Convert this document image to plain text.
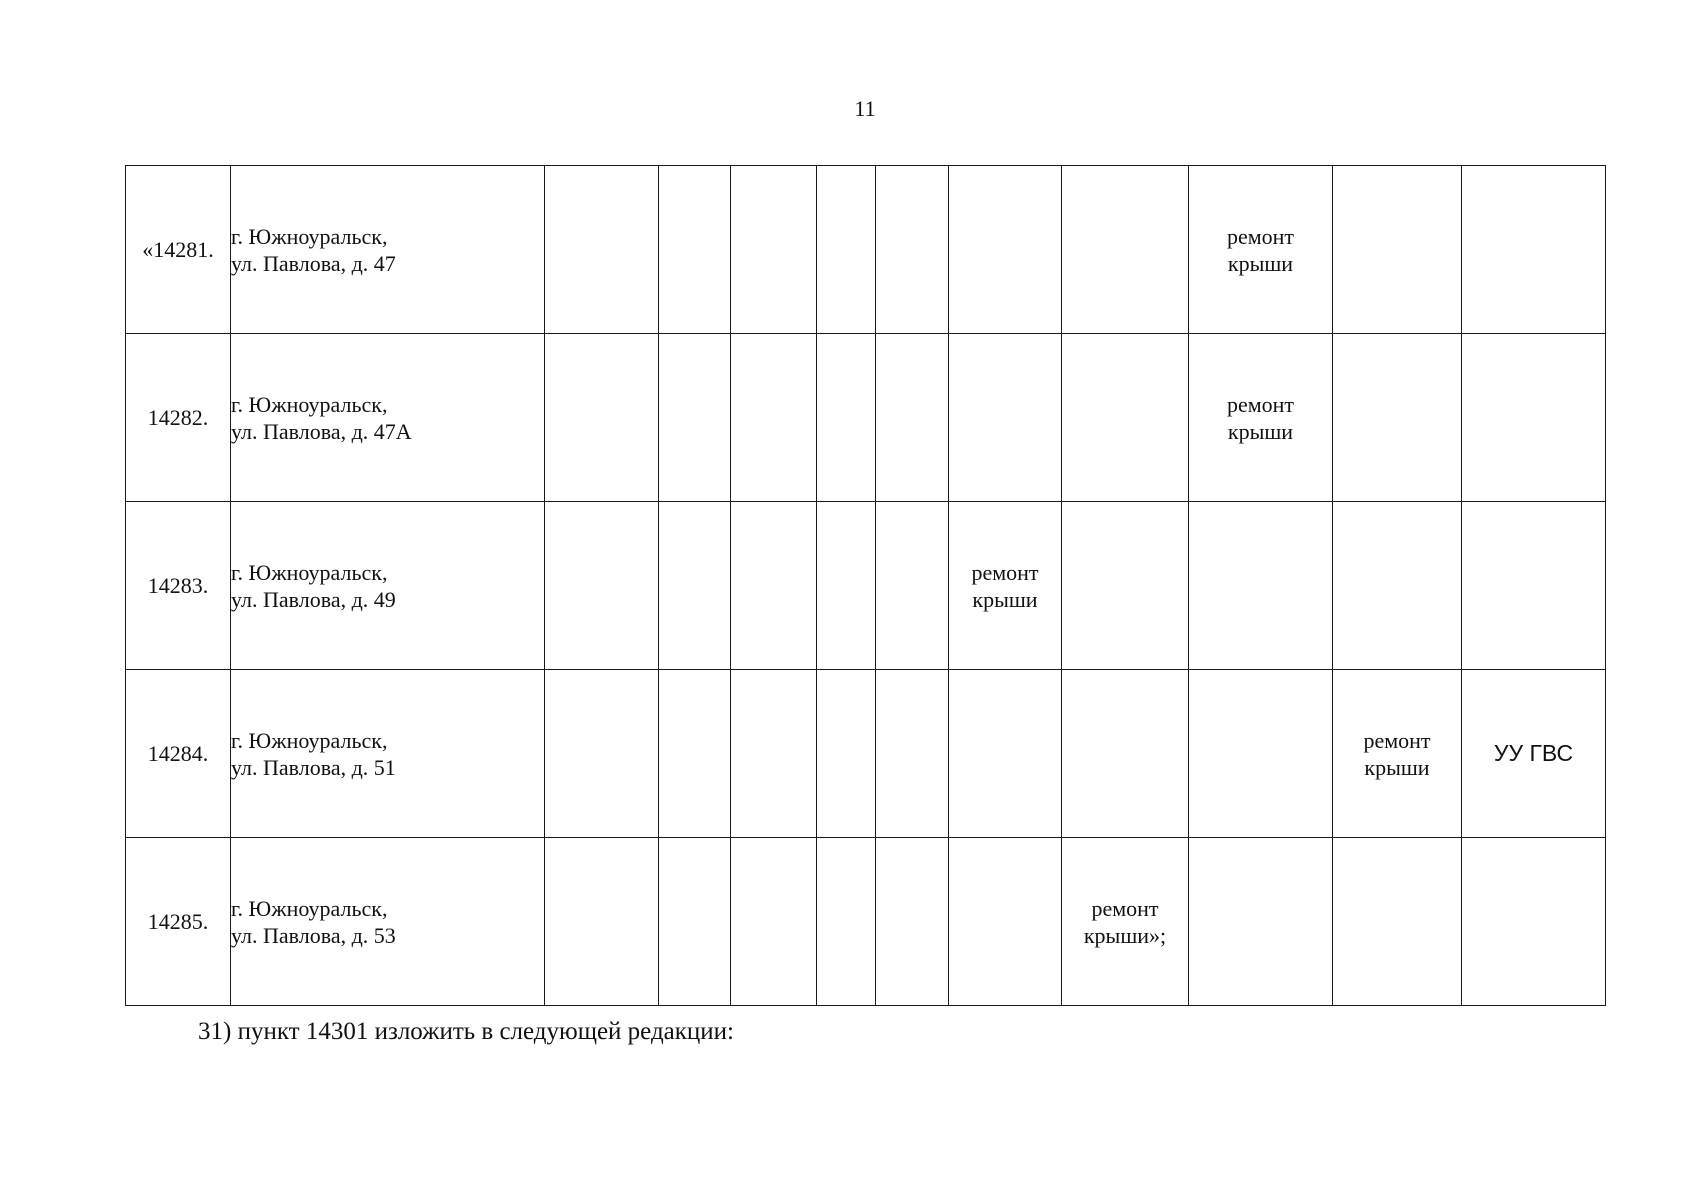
11
«14281.	г. Южноуральск,
ул. Павлова, д. 47								ремонт
крыши		

14282.	г. Южноуральск,
ул. Павлова, д. 47А								ремонт
крыши		

14283.	г. Южноуральск,
ул. Павлова, д. 49						ремонт
крыши				

14284.	г. Южноуральск,
ул. Павлова, д. 51									ремонт
крыши	УУ ГВС
14285.	г. Южноуральск,
ул. Павлова, д. 53							ремонт
крыши»;			

31) пункт 14301 изложить в следующей редакции:
